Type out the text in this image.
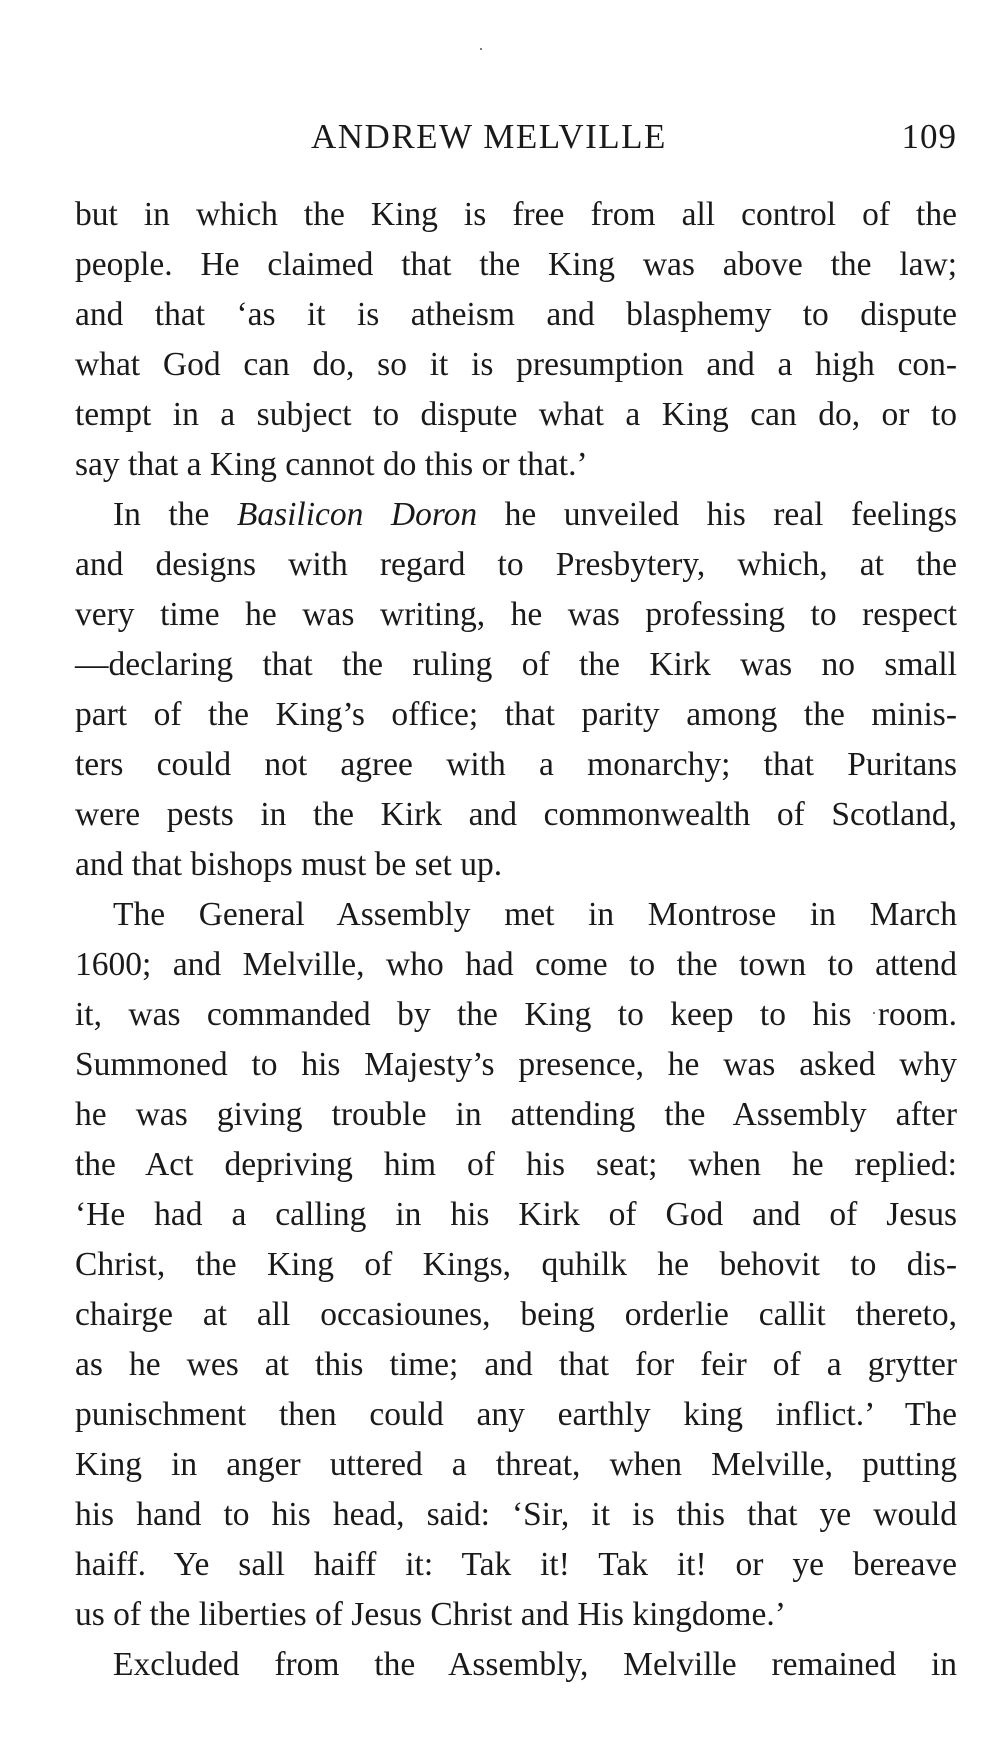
ANDREW MELVILLE	109
but in which the King is free from all control of the
people. He claimed that the King was above the law;
and that ‘as it is atheism and blasphemy to dispute
what God can do, so it is presumption and a high con-
tempt in a subject to dispute what a King can do, or to
say that a King cannot do this or that.’
In the Basilicon Doron he unveiled his real feelings
and designs with regard to Presbytery, which, at the
very time he was writing, he was professing to respect
—declaring that the ruling of the Kirk was no small
part of the King’s office; that parity among the minis-
ters could not agree with a monarchy; that Puritans
were pests in the Kirk and commonwealth of Scotland,
and that bishops must be set up.
The General Assembly met in Montrose in March
1600; and Melville, who had come to the town to attend
it, was commanded by the King to keep to his room.
Summoned to his Majesty’s presence, he was asked why
he was giving trouble in attending the Assembly after
the Act depriving him of his seat; when he replied:
‘He had a calling in his Kirk of God and of Jesus
Christ, the King of Kings, quhilk he behovit to dis-
chairge at all occasiounes, being orderlie callit thereto,
as he wes at this time; and that for feir of a grytter
punischment then could any earthly king inflict.’ The
King in anger uttered a threat, when Melville, putting
his hand to his head, said: ‘Sir, it is this that ye would
haiff. Ye sall haiff it: Tak it! Tak it! or ye bereave
us of the liberties of Jesus Christ and His kingdome.’
Excluded from the Assembly, Melville remained in
